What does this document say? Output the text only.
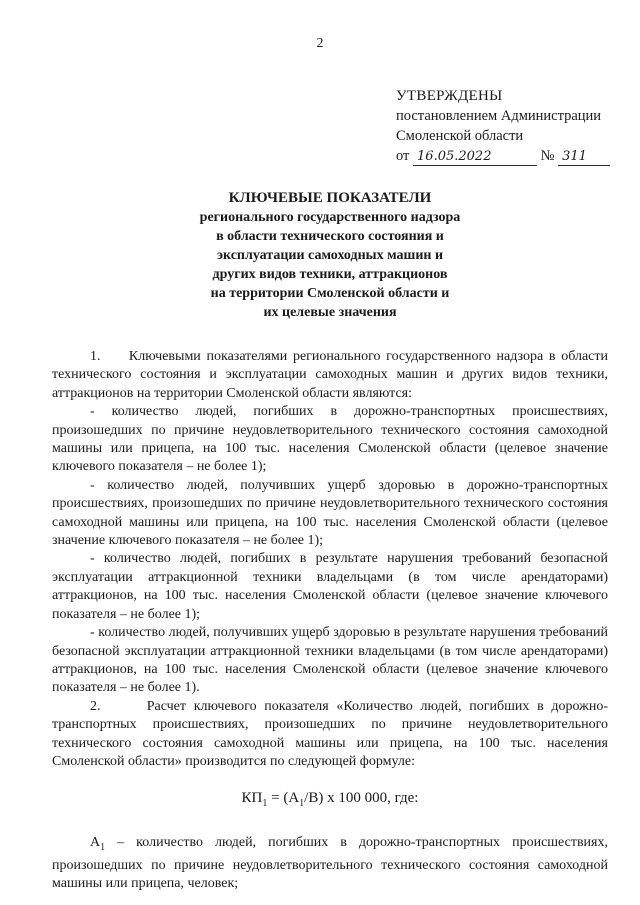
2
УТВЕРЖДЕНЫ
постановлением Администрации
Смоленской области
от 16.05.2022	№ 311
КЛЮЧЕВЫЕ ПОКАЗАТЕЛИ
регионального государственного надзора
в области технического состояния и
эксплуатации самоходных машин и
других видов техники, аттракционов
на территории Смоленской области и
их целевые значения

1.     Ключевыми показателями регионального государственного надзора в области технического состояния и эксплуатации самоходных машин и других видов техники, аттракционов на территории Смоленской области являются:

- количество людей, погибших в дорожно-транспортных происшествиях, произошедших по причине неудовлетворительного технического состояния самоходной машины или прицепа, на 100 тыс. населения Смоленской области (целевое значение ключевого показателя – не более 1);

- количество людей, получивших ущерб здоровью в дорожно-транспортных происшествиях, произошедших по причине неудовлетворительного технического состояния самоходной машины или прицепа, на 100 тыс. населения Смоленской области (целевое значение ключевого показателя – не более 1);

- количество людей, погибших в результате нарушения требований безопасной эксплуатации аттракционной техники владельцами (в том числе арендаторами) аттракционов, на 100 тыс. населения Смоленской области (целевое значение ключевого показателя – не более 1);

- количество людей, получивших ущерб здоровью в результате нарушения требований безопасной эксплуатации аттракционной техники владельцами (в том числе арендаторами) аттракционов, на 100 тыс. населения Смоленской области (целевое значение ключевого показателя – не более 1).

2.      Расчет ключевого показателя «Количество людей, погибших в дорожно-транспортных происшествиях, произошедших по причине неудовлетворительного технического состояния самоходной машины или прицепа, на 100 тыс. населения Смоленской области» производится по следующей формуле:

$КП_1 = (A_1/B)$ x 100 000, где:

$A_1$ – количество людей, погибших в дорожно-транспортных происшествиях, произошедших по причине неудовлетворительного технического состояния самоходной машины или прицепа, человек;
